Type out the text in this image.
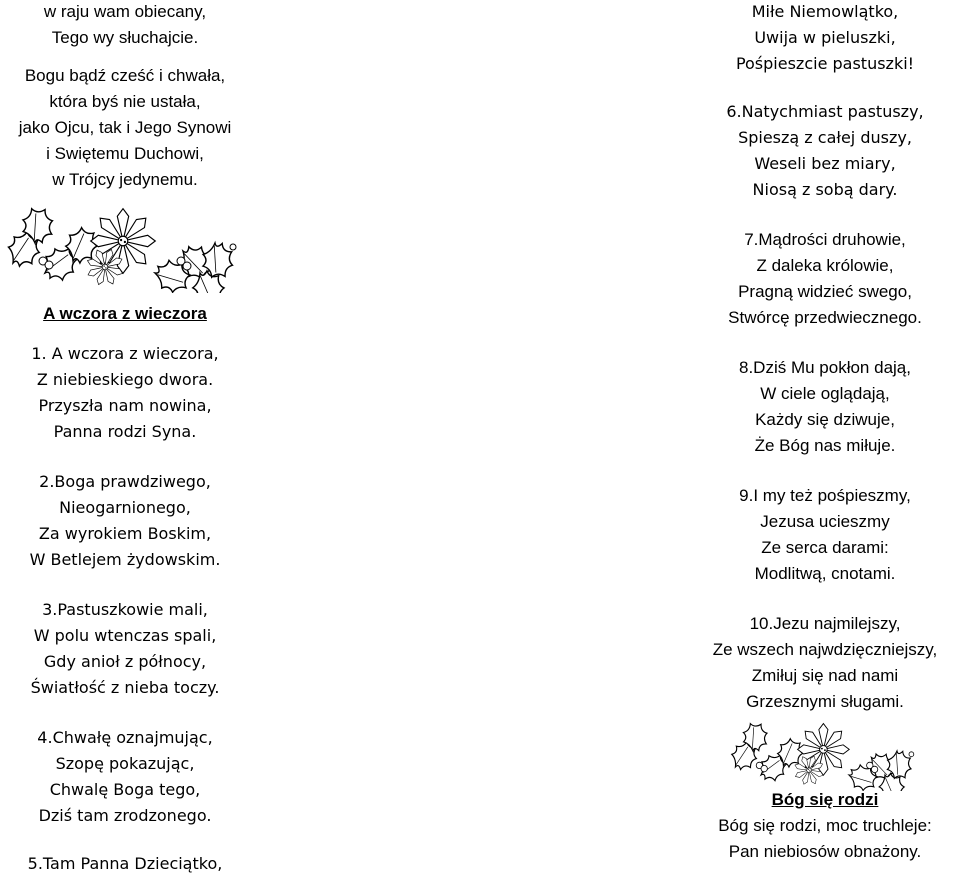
w raju wam obiecany,
Tego wy słuchajcie.
Bogu bądź cześć i chwała,
która byś nie ustała,
jako Ojcu, tak i Jego Synowi
i Swiętemu Duchowi,
w Trójcy jedynemu.
A wczora z wieczora
1. A wczora z wieczora,
Z niebieskiego dwora.
Przyszła nam nowina,
Panna rodzi Syna.
2.Boga prawdziwego,
Nieogarnionego,
Za wyrokiem Boskim,
W Betlejem żydowskim.
3.Pastuszkowie mali,
W polu wtenczas spali,
Gdy anioł z północy,
Światłość z nieba toczy.
4.Chwałę oznajmując,
Szopę pokazując,
Chwalę Boga tego,
Dziś tam zrodzonego.
5.Tam Panna Dzieciątko,
Miłe Niemowlątko,
Uwija w pieluszki,
Pośpieszcie pastuszki!
6.Natychmiast pastuszy,
Spieszą z całej duszy,
Weseli bez miary,
Niosą z sobą dary.
7.Mądrości druhowie,
Z daleka królowie,
Pragną widzieć swego,
Stwórcę przedwiecznego.
8.Dziś Mu pokłon dają,
W ciele oglądają,
Każdy się dziwuje,
Że Bóg nas miłuje.
9.I my też pośpieszmy,
Jezusa ucieszmy
Ze serca darami:
Modlitwą, cnotami.
10.Jezu najmilejszy,
Ze wszech najwdzięczniejszy,
Zmiłuj się nad nami
Grzesznymi sługami.
Bóg się rodzi
Bóg się rodzi, moc truchleje:
Pan niebiosów obnażony.
